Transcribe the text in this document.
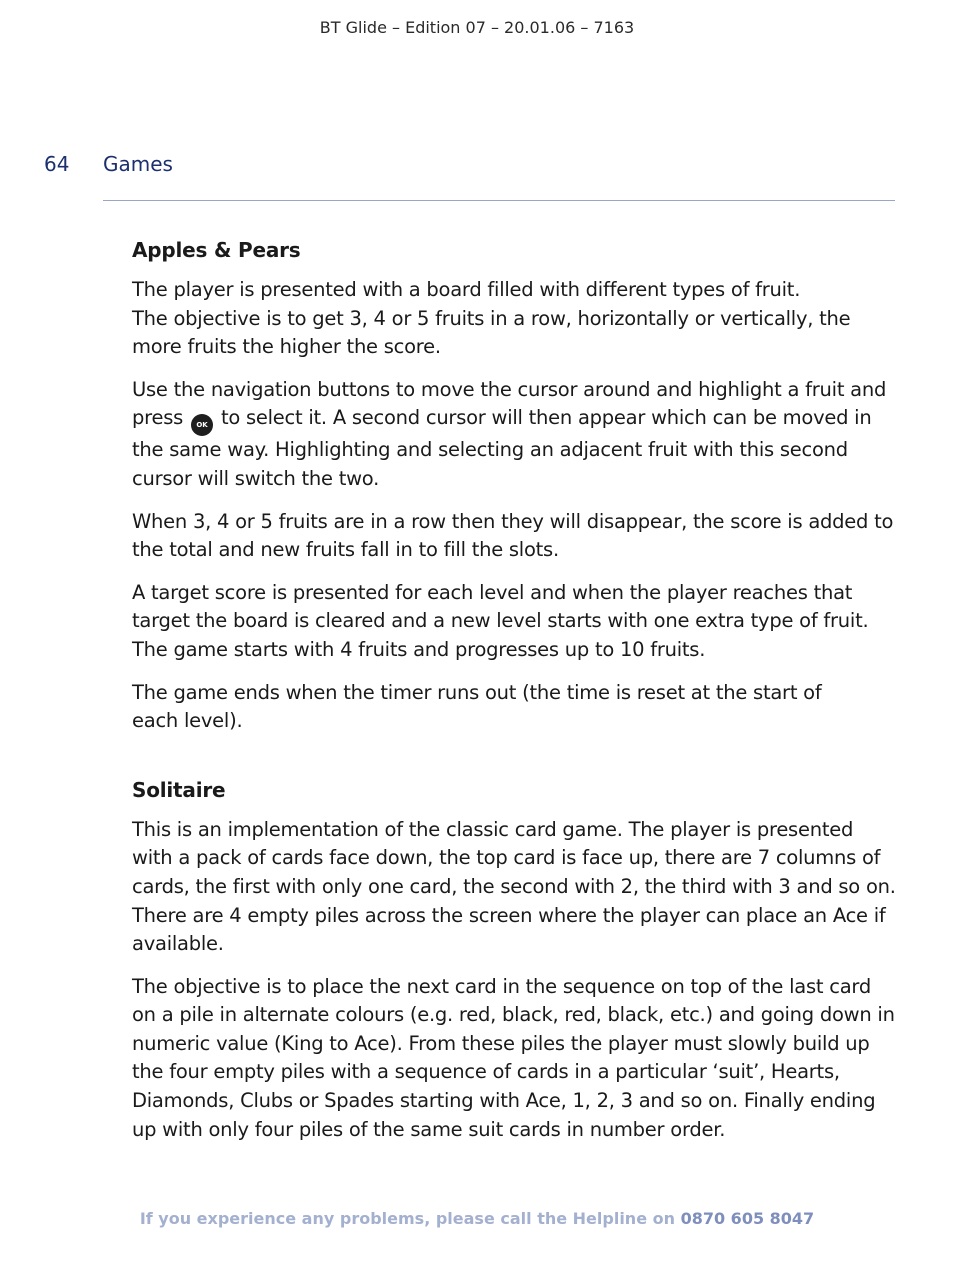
BT Glide – Edition 07 – 20.01.06 – 7163
64 Games
Apples & Pears

The player is presented with a board filled with different types of fruit.
The objective is to get 3, 4 or 5 fruits in a row, horizontally or vertically, the more fruits the higher the score.

Use the navigation buttons to move the cursor around and highlight a fruit and press OK to select it. A second cursor will then appear which can be moved in the same way. Highlighting and selecting an adjacent fruit with this second cursor will switch the two.

When 3, 4 or 5 fruits are in a row then they will disappear, the score is added to the total and new fruits fall in to fill the slots.

A target score is presented for each level and when the player reaches that target the board is cleared and a new level starts with one extra type of fruit.
The game starts with 4 fruits and progresses up to 10 fruits.

The game ends when the timer runs out (the time is reset at the start of each level).

Solitaire

This is an implementation of the classic card game. The player is presented with a pack of cards face down, the top card is face up, there are 7 columns of cards, the first with only one card, the second with 2, the third with 3 and so on. There are 4 empty piles across the screen where the player can place an Ace if available.

The objective is to place the next card in the sequence on top of the last card on a pile in alternate colours (e.g. red, black, red, black, etc.) and going down in numeric value (King to Ace). From these piles the player must slowly build up the four empty piles with a sequence of cards in a particular ‘suit’, Hearts, Diamonds, Clubs or Spades starting with Ace, 1, 2, 3 and so on. Finally ending up with only four piles of the same suit cards in number order.

If you experience any problems, please call the Helpline on 0870 605 8047
